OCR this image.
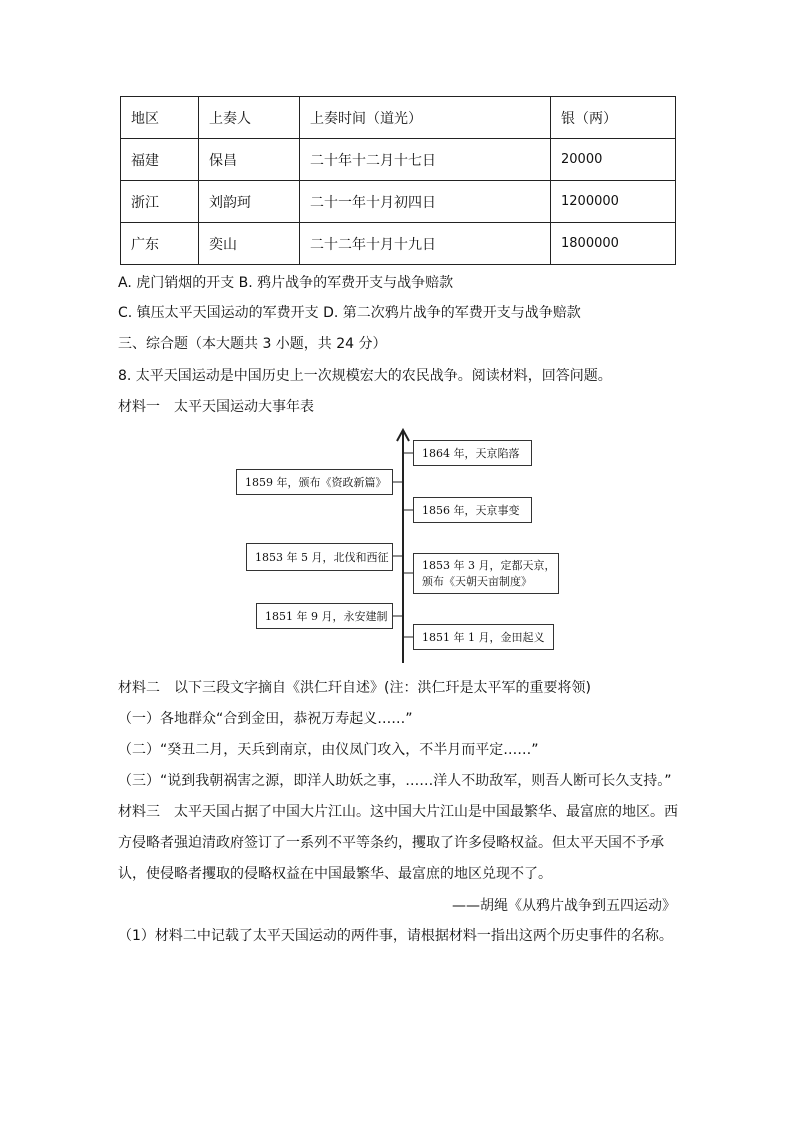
地区	上奏人	上奏时间（道光）	银（两）
福建	保昌	二十年十二月十七日	20000
浙江	刘韵珂	二十一年十月初四日	1200000
广东	奕山	二十二年十月十九日	1800000
A. 虎门销烟的开支 B. 鸦片战争的军费开支与战争赔款
C. 镇压太平天国运动的军费开支 D. 第二次鸦片战争的军费开支与战争赔款
三、综合题（本大题共 3 小题，共 24 分）
8. 太平天国运动是中国历史上一次规模宏大的农民战争。阅读材料，回答问题。
材料一　太平天国运动大事年表
1864 年，天京陷落
1856 年，天京事变
1853 年 3 月，定都天京，
颁布《天朝天亩制度》
1851 年 1 月，金田起义
1859 年，颁布《资政新篇》
1853 年 5 月，北伐和西征
1851 年 9 月，永安建制
材料二　以下三段文字摘自《洪仁玕自述》(注：洪仁玕是太平军的重要将领)
（一）各地群众“合到金田，恭祝万寿起义……”
（二）“癸丑二月，天兵到南京，由仪凤门攻入，不半月而平定……”
（三）“说到我朝祸害之源，即洋人助妖之事，……洋人不助敌军，则吾人断可长久支持。”
材料三　太平天国占据了中国大片江山。这中国大片江山是中国最繁华、最富庶的地区。西方侵略者强迫清政府签订了一系列不平等条约，攫取了许多侵略权益。但太平天国不予承认，使侵略者攫取的侵略权益在中国最繁华、最富庶的地区兑现不了。
——胡绳《从鸦片战争到五四运动》
（1）材料二中记载了太平天国运动的两件事，请根据材料一指出这两个历史事件的名称。
